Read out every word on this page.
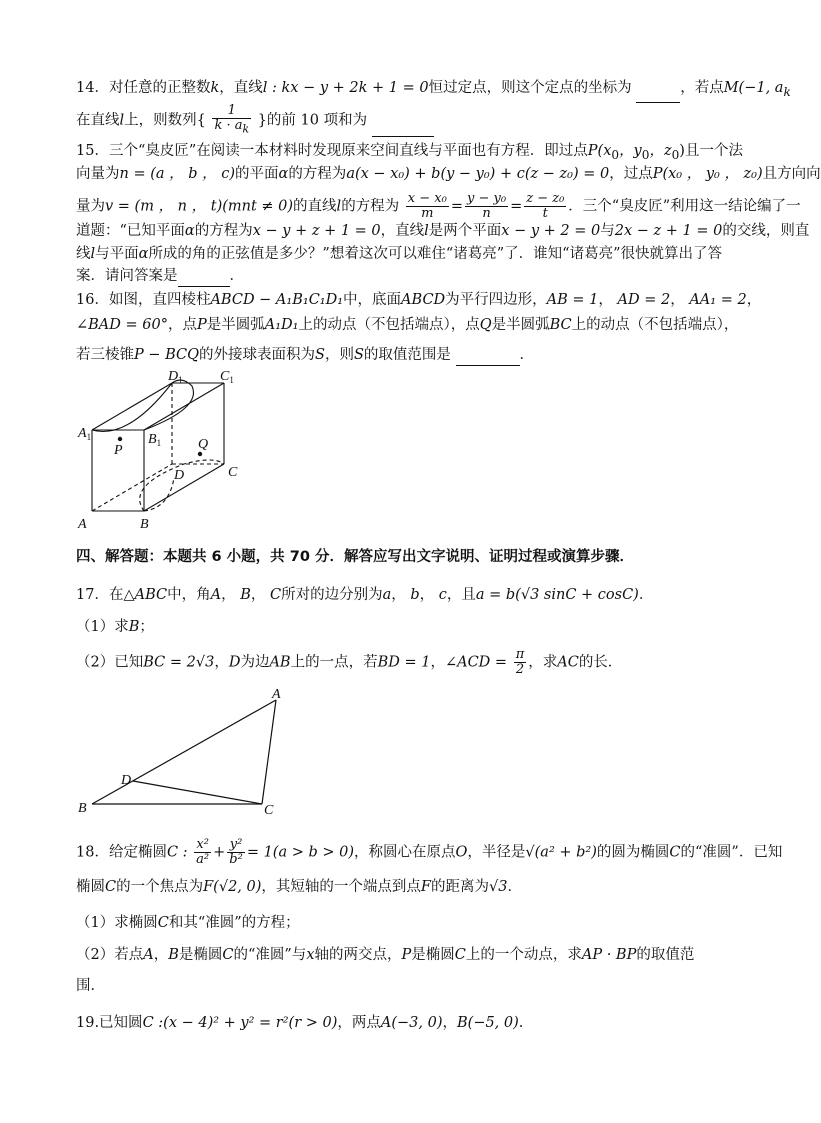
14．对任意的正整数k，直线l : kx − y + 2k + 1 = 0恒过定点，则这个定点的坐标为	，若点M(−1, $a_k$
在直线l上，则数列{ $\frac{1}{k \cdot a_k}$ }的前 10 项和为
15．三个“臭皮匠”在阅读一本材料时发现原来空间直线与平面也有方程．即过点$P(x_0$，$y_0$，$z_0$)且一个法
向量为n = (a ， b ， c)的平面α的方程为a(x − x₀) + b(y − y₀) + c(z − z₀) = 0，过点P(x₀ ， y₀ ， z₀)且方向向
量为v = (m ， n ， t)(mnt ≠ 0)的直线l的方程为 $\frac{\text{x − x₀}}{m} = \frac{\text{y − y₀}}{n} = \frac{\text{z − z₀}}{t}$ ．三个“臭皮匠”利用这一结论编了一
道题：“已知平面α的方程为x − y + z + 1 = 0，直线l是两个平面x − y + 2 = 0与2x − z + 1 = 0的交线，则直
线l与平面α所成的角的正弦值是多少？”想着这次可以难住“诸葛亮”了．谁知“诸葛亮”很快就算出了答
案．请问答案是	．
16．如图，直四棱柱ABCD − A₁B₁C₁D₁中，底面ABCD为平行四边形，AB = 1， AD = 2， AA₁ = 2，
∠BAD = 60°，点P是半圆弧A₁D₁上的动点（不包括端点），点Q是半圆弧BC上的动点（不包括端点），
若三棱锥P − BCQ的外接球表面积为S，则S的取值范围是	．
A	B
C
D
$A_1$	$B_1$
$C_1$
$D_1$
P	Q
四、解答题：本题共 6 小题，共 70 分．解答应写出文字说明、证明过程或演算步骤．
17．在△ABC中，角A， B， C所对的边分别为a， b， c，且a = b(√3 sinC + cosC)．
（1）求B；
（2）已知BC = 2√3，D为边AB上的一点，若BD = 1，∠ACD = $\frac{\pi}{2}$ ，求AC的长．
A
B	C
D
18．给定椭圆C : $\frac{\text{x²}}{\text{a²}} + \frac{\text{y²}}{\text{b²}} = 1(a > b > 0)$，称圆心在原点O，半径是√(a² + b²)的圆为椭圆C的“准圆”．已知
椭圆C的一个焦点为F(√2, 0)，其短轴的一个端点到点F的距离为√3．
（1）求椭圆C和其“准圆”的方程；
（2）若点A，B是椭圆C的“准圆”与x轴的两交点，P是椭圆C上的一个动点，求AP · BP的取值范
围．
19.已知圆C :(x − 4)² + y² = r²(r > 0)，两点A(−3, 0)，B(−5, 0).
